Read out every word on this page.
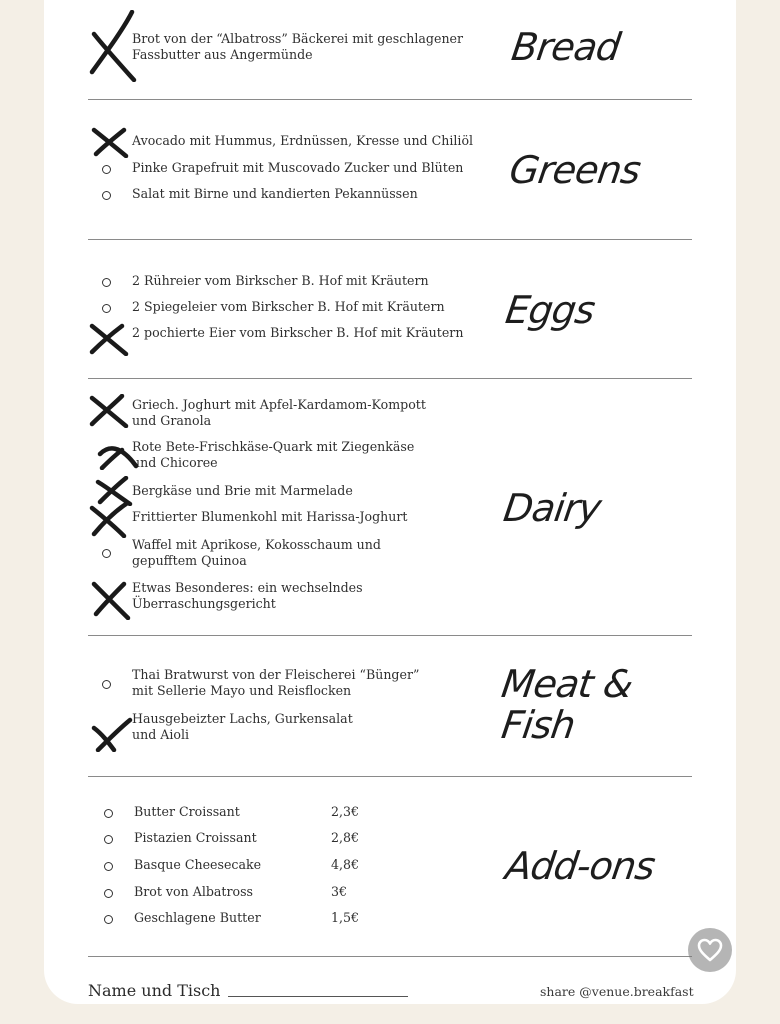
Brot von der “Albatross” Bäckerei mit geschlagener
Fassbutter aus Angermünde	Bread
Avocado mit Hummus, Erdnüssen, Kresse und Chiliöl
Pinke Grapefruit mit Muscovado Zucker und Blüten
Salat mit Birne und kandierten Pekannüssen
Greens
2 Rühreier vom Birkscher B. Hof mit Kräutern
2 Spiegeleier vom Birkscher B. Hof mit Kräutern
2 pochierte Eier vom Birkscher B. Hof mit Kräutern
Eggs
Griech. Joghurt mit Apfel-Kardamom-Kompott
und Granola
Rote Bete-Frischkäse-Quark mit Ziegenkäse
und Chicoree
Bergkäse und Brie mit Marmelade
Frittierter Blumenkohl mit Harissa-Joghurt
Waffel mit Aprikose, Kokosschaum und
gepufftem Quinoa
Etwas Besonderes: ein wechselndes
Überraschungsgericht
Dairy
Thai Bratwurst von der Fleischerei “Bünger”
mit Sellerie Mayo und Reisflocken
Hausgebeizter Lachs, Gurkensalat
und Aioli
Meat &
Fish
Butter Croissant	2,3€
Pistazien Croissant	2,8€
Basque Cheesecake	4,8€
Brot von Albatross	3€
Geschlagene Butter	1,5€
Add-ons
Name und Tisch	share @venue.breakfast
